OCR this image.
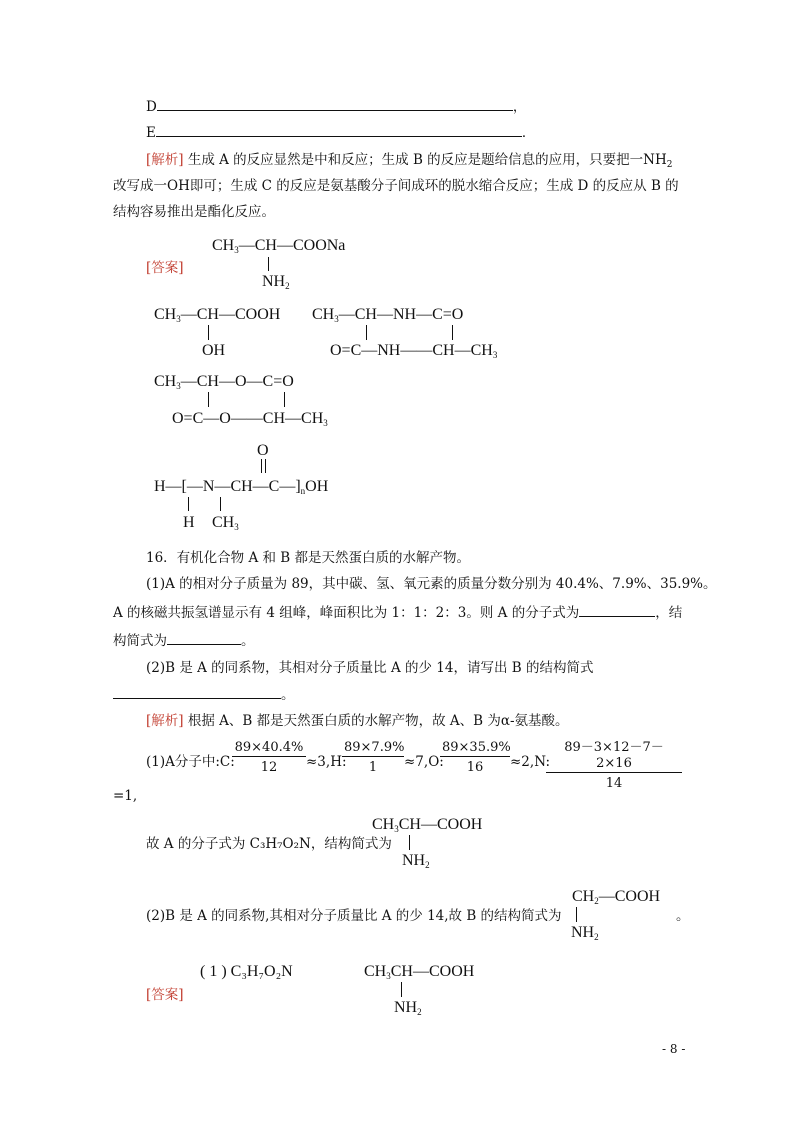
D	，
E	．
[解析] 生成 A 的反应显然是中和反应；生成 B 的反应是题给信息的应用，只要把一$NH_2$
改写成一OH即可；生成 C 的反应是氨基酸分子间成环的脱水缩合反应；生成 D 的反应从 B 的
结构容易推出是酯化反应。
[答案]
$CH_3—CH—COONa$
$NH_2$
$CH_3—CH—COOH$
OH
$CH_3—CH—NH—C=O$
$O=C—NH——CH—CH_3$
$CH_3—CH—O—C=O$
$O=C—O——CH—CH_3$
O
$H—[—N—CH—C—]_nOH$
H $CH_3$
16．有机化合物 A 和 B 都是天然蛋白质的水解产物。
(1)A 的相对分子质量为 89，其中碳、氢、氧元素的质量分数分别为 40.4%、7.9%、35.9%。
A 的核磁共振氢谱显示有 4 组峰，峰面积比为 1：1：2：3。则 A 的分子式为	，结
构简式为	。
(2)B 是 A 的同系物，其相对分子质量比 A 的少 14，请写出 B 的结构简式
。
[解析] 根据 A、B 都是天然蛋白质的水解产物，故 A、B 为α-氨基酸。
(1)A分子中:C:
$\frac{89\times 40.4\%}{12} \approx 3,H$:
$\frac{89\times 7.9\%}{1} \approx 7,O$:
$\frac{89\times 35.9\%}{16} \approx 2,N$:
$\frac{89-3\times 12-7-2\times 16}{14}$
=1,
故 A 的分子式为 C₃H₇O₂N，结构简式为
$CH_3CH—COOH$
$NH_2$
(2)B 是 A 的同系物,其相对分子质量比 A 的少 14,故 B 的结构简式为
$CH_2—COOH$
$NH_2$
。
[答案]
( 1 ) C₃H₇O₂N	$CH_3CH—COOH$
$NH_2$
- 8 -
